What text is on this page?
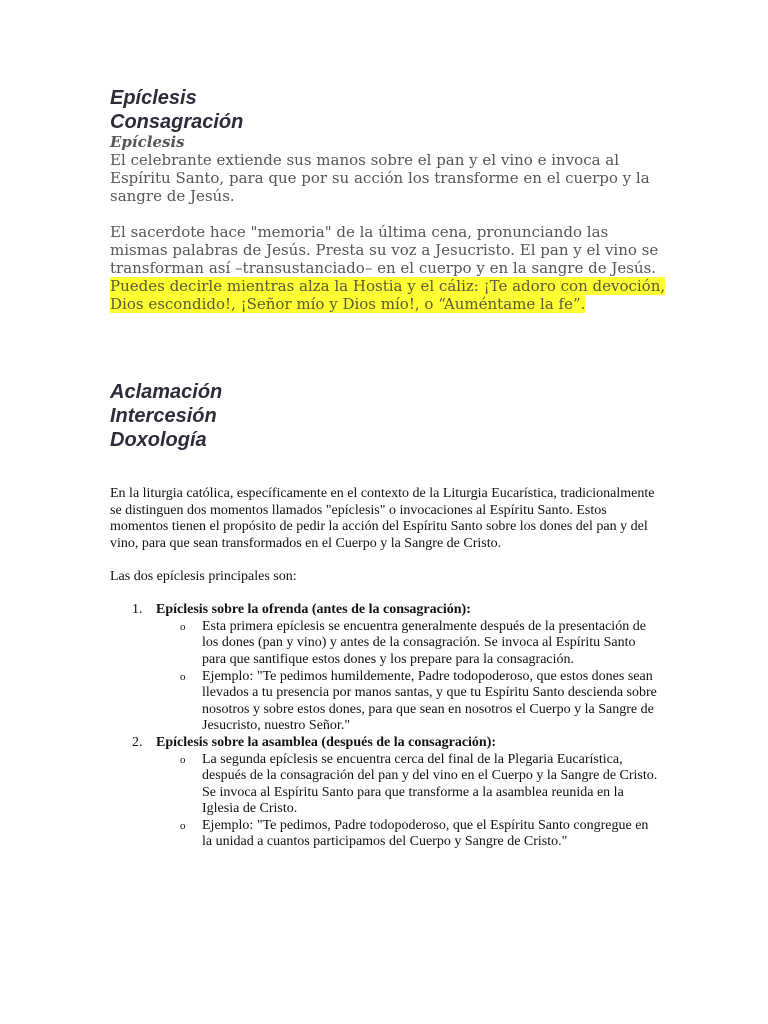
Epíclesis
Consagración
Epíclesis

El celebrante extiende sus manos sobre el pan y el vino e invoca al Espíritu Santo, para que por su acción los transforme en el cuerpo y la sangre de Jesús.

El sacerdote hace "memoria" de la última cena, pronunciando las mismas palabras de Jesús. Presta su voz a Jesucristo. El pan y el vino se transforman así –transustanciado– en el cuerpo y en la sangre de Jesús. Puedes decirle mientras alza la Hostia y el cáliz: ¡Te adoro con devoción, Dios escondido!, ¡Señor mío y Dios mío!, o “Auméntame la fe”.

Aclamación
Intercesión
Doxología

En la liturgia católica, específicamente en el contexto de la Liturgia Eucarística, tradicionalmente se distinguen dos momentos llamados "epíclesis" o invocaciones al Espíritu Santo. Estos momentos tienen el propósito de pedir la acción del Espíritu Santo sobre los dones del pan y del vino, para que sean transformados en el Cuerpo y la Sangre de Cristo.

Las dos epíclesis principales son:

1. Epíclesis sobre la ofrenda (antes de la consagración):
o Esta primera epíclesis se encuentra generalmente después de la presentación de los dones (pan y vino) y antes de la consagración. Se invoca al Espíritu Santo para que santifique estos dones y los prepare para la consagración.
o Ejemplo: "Te pedimos humildemente, Padre todopoderoso, que estos dones sean llevados a tu presencia por manos santas, y que tu Espíritu Santo descienda sobre nosotros y sobre estos dones, para que sean en nosotros el Cuerpo y la Sangre de Jesucristo, nuestro Señor."
2. Epíclesis sobre la asamblea (después de la consagración):
o La segunda epíclesis se encuentra cerca del final de la Plegaria Eucarística, después de la consagración del pan y del vino en el Cuerpo y la Sangre de Cristo. Se invoca al Espíritu Santo para que transforme a la asamblea reunida en la Iglesia de Cristo.
o Ejemplo: "Te pedimos, Padre todopoderoso, que el Espíritu Santo congregue en la unidad a cuantos participamos del Cuerpo y Sangre de Cristo."
